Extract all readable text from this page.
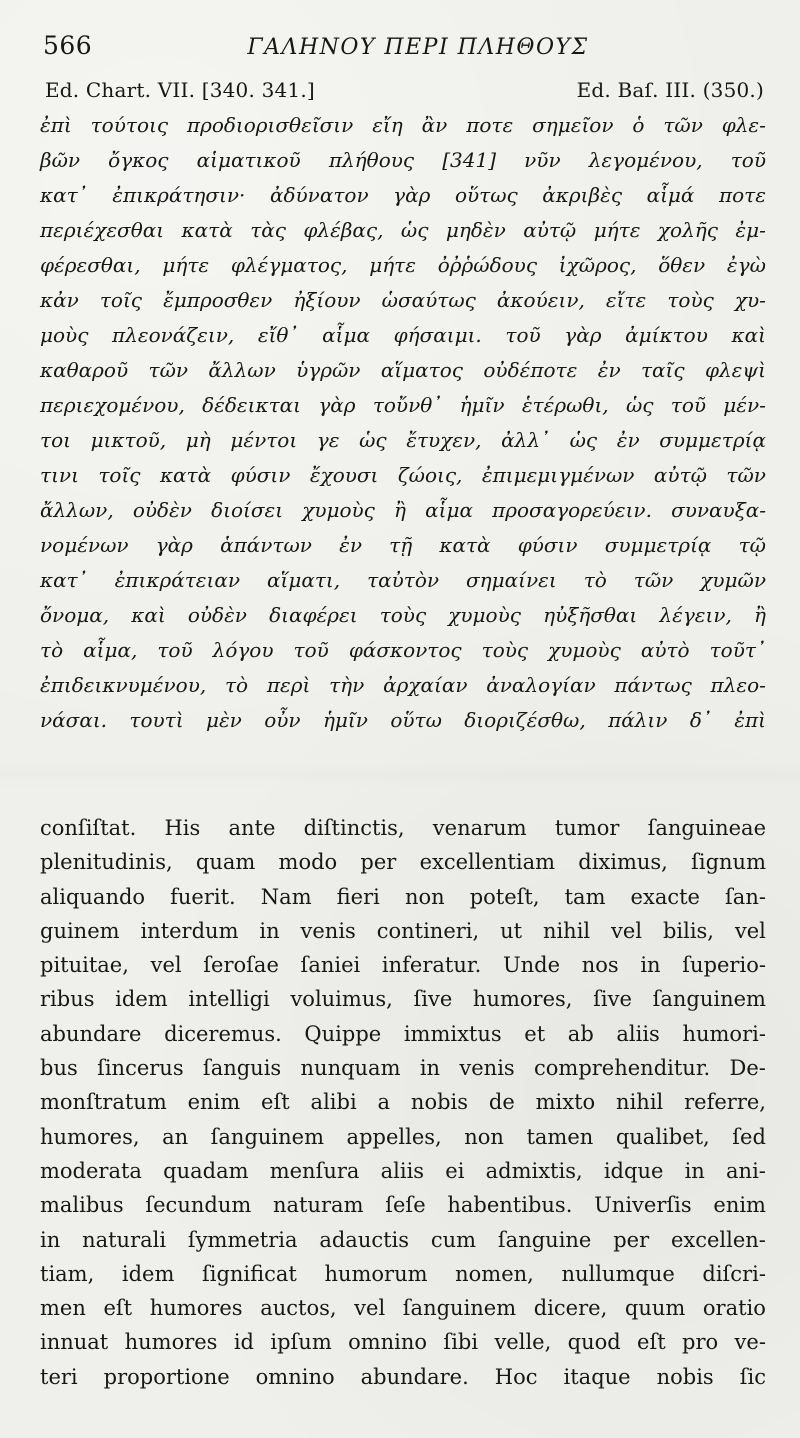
566	ΓΑΛΗΝΟΥ ΠΕΡΙ ΠΛΗΘΟΥΣ
Ed. Chart. VII. [340. 341.]	Ed. Baſ. III. (350.)
ἐπὶ τούτοις προδιορισθεῖσιν εἴη ἂν ποτε σημεῖον ὁ τῶν φλε-
βῶν ὄγκος αἱματικοῦ πλήθους [341] νῦν λεγομένου, τοῦ
κατ᾽ ἐπικράτησιν· ἀδύνατον γὰρ οὕτως ἀκριβὲς αἷμά ποτε
περιέχεσθαι κατὰ τὰς φλέβας, ὡς μηδὲν αὐτῷ μήτε χολῆς ἐμ-
φέρεσθαι, μήτε φλέγματος, μήτε ὀῤῥώδους ἰχῶρος, ὅθεν ἐγὼ
κἀν τοῖς ἔμπροσθεν ἠξίουν ὡσαύτως ἀκούειν, εἴτε τοὺς χυ-
μοὺς πλεονάζειν, εἴθ᾽ αἷμα φήσαιμι. τοῦ γὰρ ἀμίκτου καὶ
καθαροῦ τῶν ἄλλων ὑγρῶν αἵματος οὐδέποτε ἐν ταῖς φλεψὶ
περιεχομένου, δέδεικται γὰρ τοὔνθ᾽ ἡμῖν ἑτέρωθι, ὡς τοῦ μέν-
τοι μικτοῦ, μὴ μέντοι γε ὡς ἔτυχεν, ἀλλ᾽ ὡς ἐν συμμετρίᾳ
τινι τοῖς κατὰ φύσιν ἔχουσι ζώοις, ἐπιμεμιγμένων αὐτῷ τῶν
ἄλλων, οὐδὲν διοίσει χυμοὺς ἢ αἷμα προσαγορεύειν. συναυξα-
νομένων γὰρ ἁπάντων ἐν τῇ κατὰ φύσιν συμμετρίᾳ τῷ
κατ᾽ ἐπικράτειαν αἵματι, ταὐτὸν σημαίνει τὸ τῶν χυμῶν
ὄνομα, καὶ οὐδὲν διαφέρει τοὺς χυμοὺς ηὐξῆσθαι λέγειν, ἢ
τὸ αἷμα, τοῦ λόγου τοῦ φάσκοντος τοὺς χυμοὺς αὐτὸ τοῦτ᾽
ἐπιδεικνυμένου, τὸ περὶ τὴν ἀρχαίαν ἀναλογίαν πάντως πλεο-
νάσαι. τουτὶ μὲν οὖν ἡμῖν οὕτω διοριζέσθω, πάλιν δ᾽ ἐπὶ
conſiſtat. His ante diſtinctis, venarum tumor ſanguineae
plenitudinis, quam modo per excellentiam diximus, ſignum
aliquando fuerit. Nam fieri non poteſt, tam exacte ſan-
guinem interdum in venis contineri, ut nihil vel bilis, vel
pituitae, vel ſeroſae ſaniei inferatur. Unde nos in ſuperio-
ribus idem intelligi voluimus, ſive humores, ſive ſanguinem
abundare diceremus. Quippe immixtus et ab aliis humori-
bus ſincerus ſanguis nunquam in venis comprehenditur. De-
monſtratum enim eſt alibi a nobis de mixto nihil referre,
humores, an ſanguinem appelles, non tamen qualibet, ſed
moderata quadam menſura aliis ei admixtis, idque in ani-
malibus ſecundum naturam ſeſe habentibus. Univerſis enim
in naturali ſymmetria adauctis cum ſanguine per excellen-
tiam, idem ſignificat humorum nomen, nullumque diſcri-
men eſt humores auctos, vel ſanguinem dicere, quum oratio
innuat humores id ipſum omnino ſibi velle, quod eſt pro ve-
teri proportione omnino abundare. Hoc itaque nobis ſic
